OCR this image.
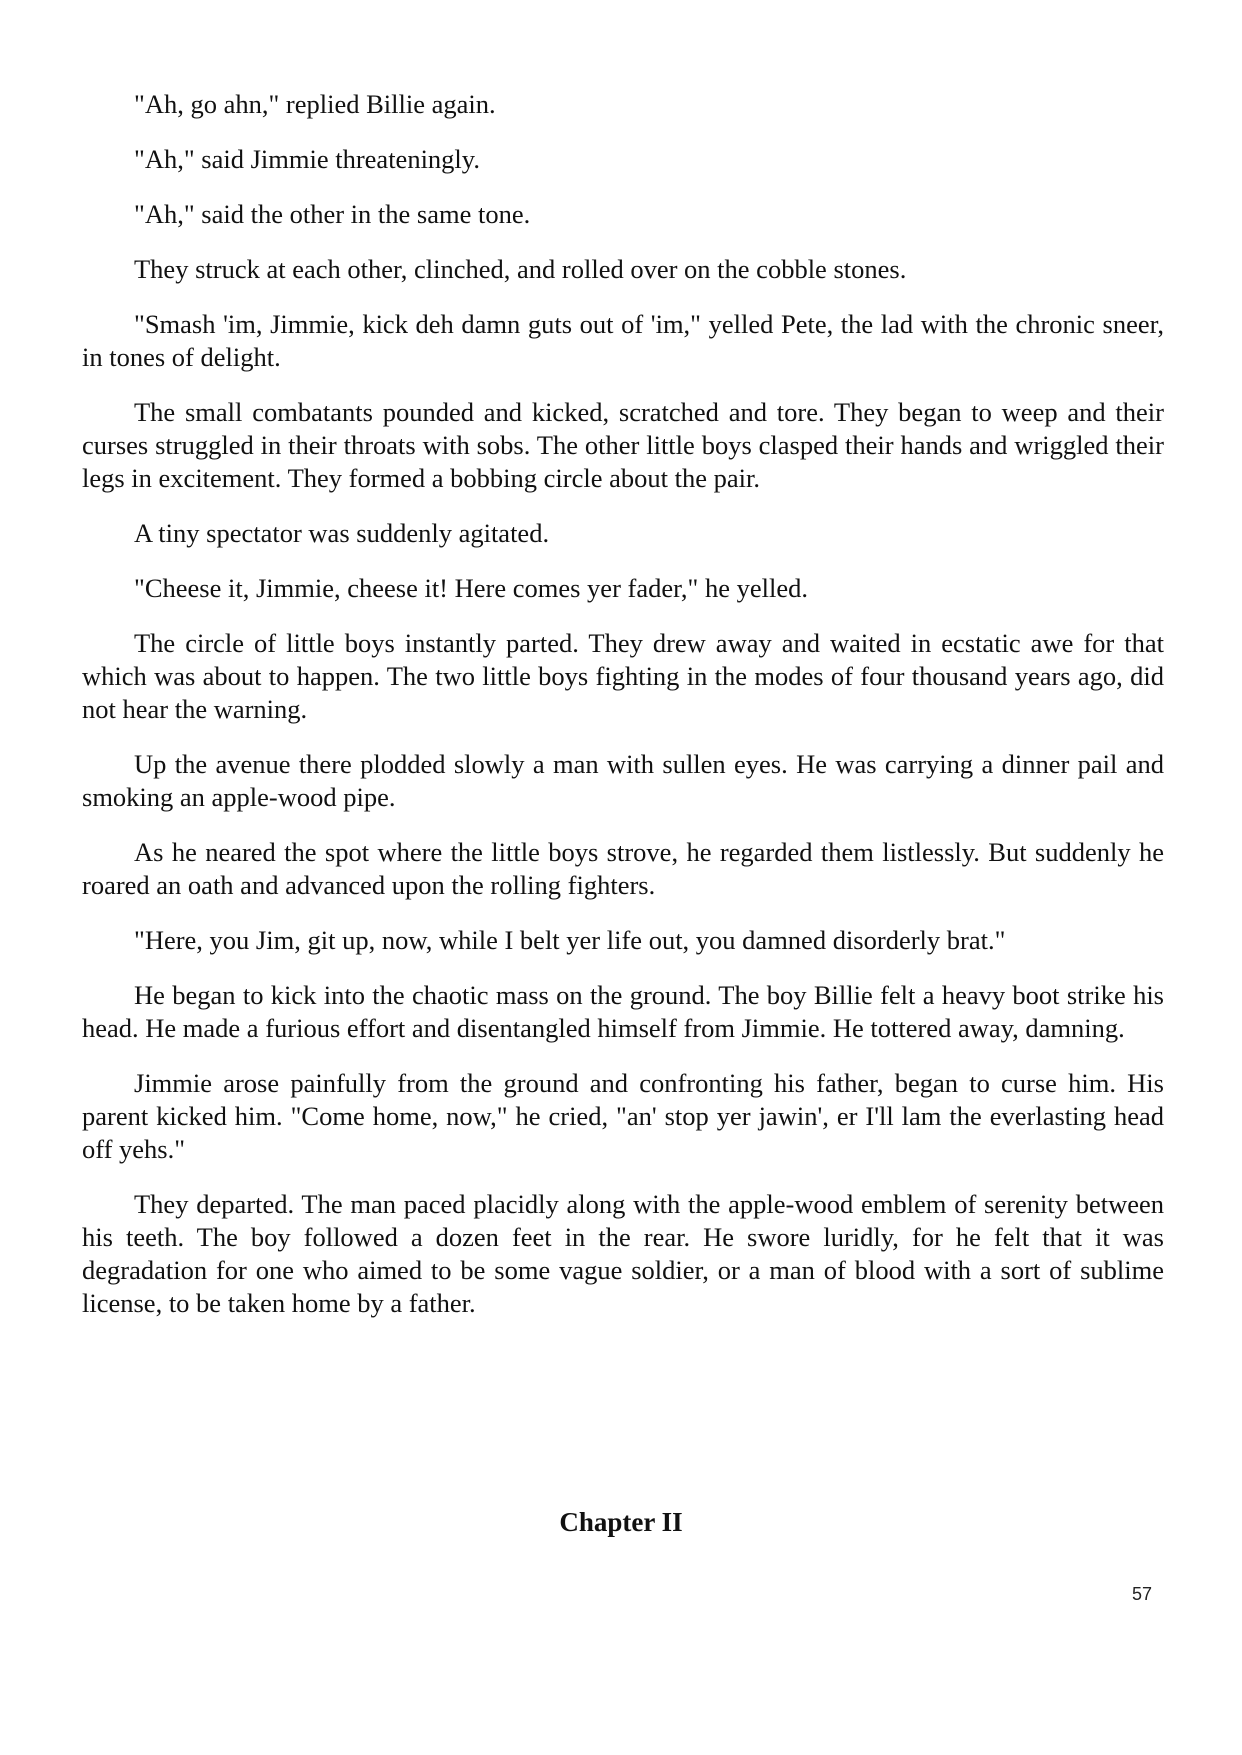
"Ah, go ahn," replied Billie again.

"Ah," said Jimmie threateningly.

"Ah," said the other in the same tone.

They struck at each other, clinched, and rolled over on the cobble stones.

"Smash 'im, Jimmie, kick deh damn guts out of 'im," yelled Pete, the lad with the chronic sneer, in tones of delight.

The small combatants pounded and kicked, scratched and tore. They began to weep and their curses struggled in their throats with sobs. The other little boys clasped their hands and wriggled their legs in excitement. They formed a bobbing circle about the pair.

A tiny spectator was suddenly agitated.

"Cheese it, Jimmie, cheese it! Here comes yer fader," he yelled.

The circle of little boys instantly parted. They drew away and waited in ecstatic awe for that which was about to happen. The two little boys fighting in the modes of four thousand years ago, did not hear the warning.

Up the avenue there plodded slowly a man with sullen eyes. He was carrying a dinner pail and smoking an apple-wood pipe.

As he neared the spot where the little boys strove, he regarded them listlessly. But suddenly he roared an oath and advanced upon the rolling fighters.

"Here, you Jim, git up, now, while I belt yer life out, you damned disorderly brat."

He began to kick into the chaotic mass on the ground. The boy Billie felt a heavy boot strike his head. He made a furious effort and disentangled himself from Jimmie. He tottered away, damning.

Jimmie arose painfully from the ground and confronting his father, began to curse him. His parent kicked him. "Come home, now," he cried, "an' stop yer jawin', er I'll lam the everlasting head off yehs."

They departed. The man paced placidly along with the apple-wood emblem of serenity between his teeth. The boy followed a dozen feet in the rear. He swore luridly, for he felt that it was degradation for one who aimed to be some vague soldier, or a man of blood with a sort of sublime license, to be taken home by a father.

Chapter II
57
